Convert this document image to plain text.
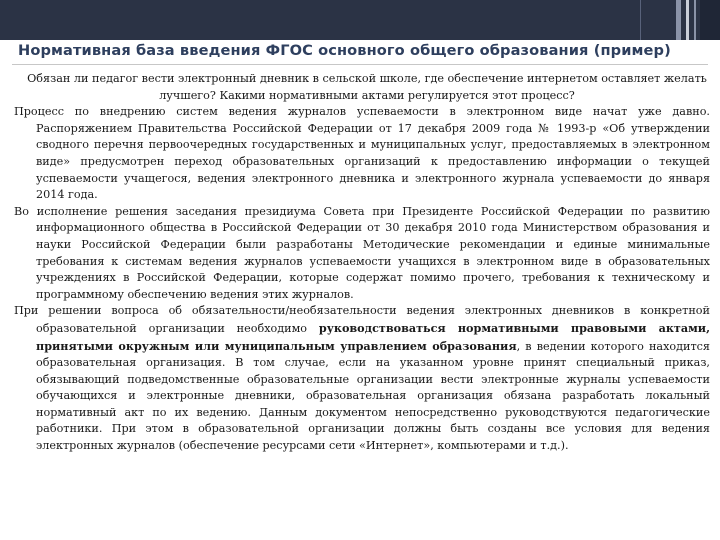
Нормативная база введения ФГОС основного общего образования (пример)

Обязан ли педагог вести электронный дневник в сельской школе, где обеспечение интернетом оставляет желать лучшего? Какими нормативными актами регулируется этот процесс?

Процесс по внедрению систем ведения журналов успеваемости в электронном виде начат уже давно. Распоряжением Правительства Российской Федерации от 17 декабря 2009 года № 1993-р «Об утверждении сводного перечня первоочередных государственных и муниципальных услуг, предоставляемых в электронном виде» предусмотрен переход образовательных организаций к предоставлению информации о текущей успеваемости учащегося, ведения электронного дневника и электронного журнала успеваемости до января 2014 года.

Во исполнение решения заседания президиума Совета при Президенте Российской Федерации по развитию информационного общества в Российской Федерации от 30 декабря 2010 года Министерством образования и науки Российской Федерации были разработаны Методические рекомендации и единые минимальные требования к системам ведения журналов успеваемости учащихся в электронном виде в образовательных учреждениях в Российской Федерации, которые содержат помимо прочего, требования к техническому и программному обеспечению ведения этих журналов.

При решении вопроса об обязательности/необязательности ведения электронных дневников в конкретной образовательной организации необходимо руководствоваться нормативными правовыми актами, принятыми окружным или муниципальным управлением образования, в ведении которого находится образовательная организация. В том случае, если на указанном уровне принят специальный приказ, обязывающий подведомственные образовательные организации вести электронные журналы успеваемости обучающихся и электронные дневники, образовательная организация обязана разработать локальный нормативный акт по их ведению. Данным документом непосредственно руководствуются педагогические работники. При этом в образовательной организации должны быть созданы все условия для ведения электронных журналов (обеспечение ресурсами сети «Интернет», компьютерами и т.д.).
